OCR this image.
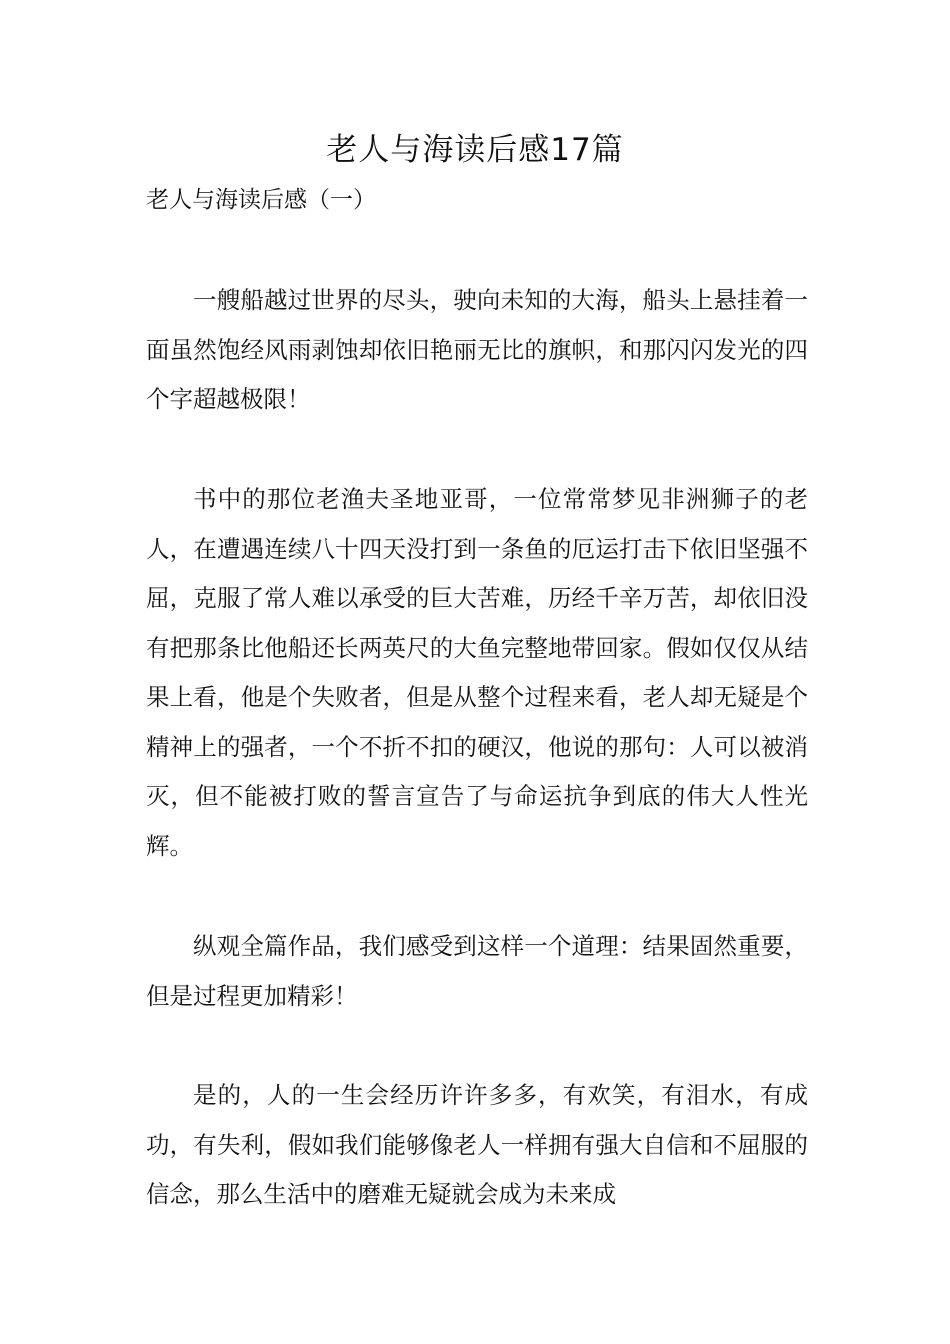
老人与海读后感17篇
老人与海读后感（一）

一艘船越过世界的尽头，驶向未知的大海，船头上悬挂着一面虽然饱经风雨剥蚀却依旧艳丽无比的旗帜，和那闪闪发光的四个字超越极限！

书中的那位老渔夫圣地亚哥，一位常常梦见非洲狮子的老人，在遭遇连续八十四天没打到一条鱼的厄运打击下依旧坚强不屈，克服了常人难以承受的巨大苦难，历经千辛万苦，却依旧没有把那条比他船还长两英尺的大鱼完整地带回家。假如仅仅从结果上看，他是个失败者，但是从整个过程来看，老人却无疑是个精神上的强者，一个不折不扣的硬汉，他说的那句：人可以被消灭，但不能被打败的誓言宣告了与命运抗争到底的伟大人性光辉。

纵观全篇作品，我们感受到这样一个道理：结果固然重要，但是过程更加精彩！

是的，人的一生会经历许许多多，有欢笑，有泪水，有成功，有失利，假如我们能够像老人一样拥有强大自信和不屈服的信念，那么生活中的磨难无疑就会成为未来成
